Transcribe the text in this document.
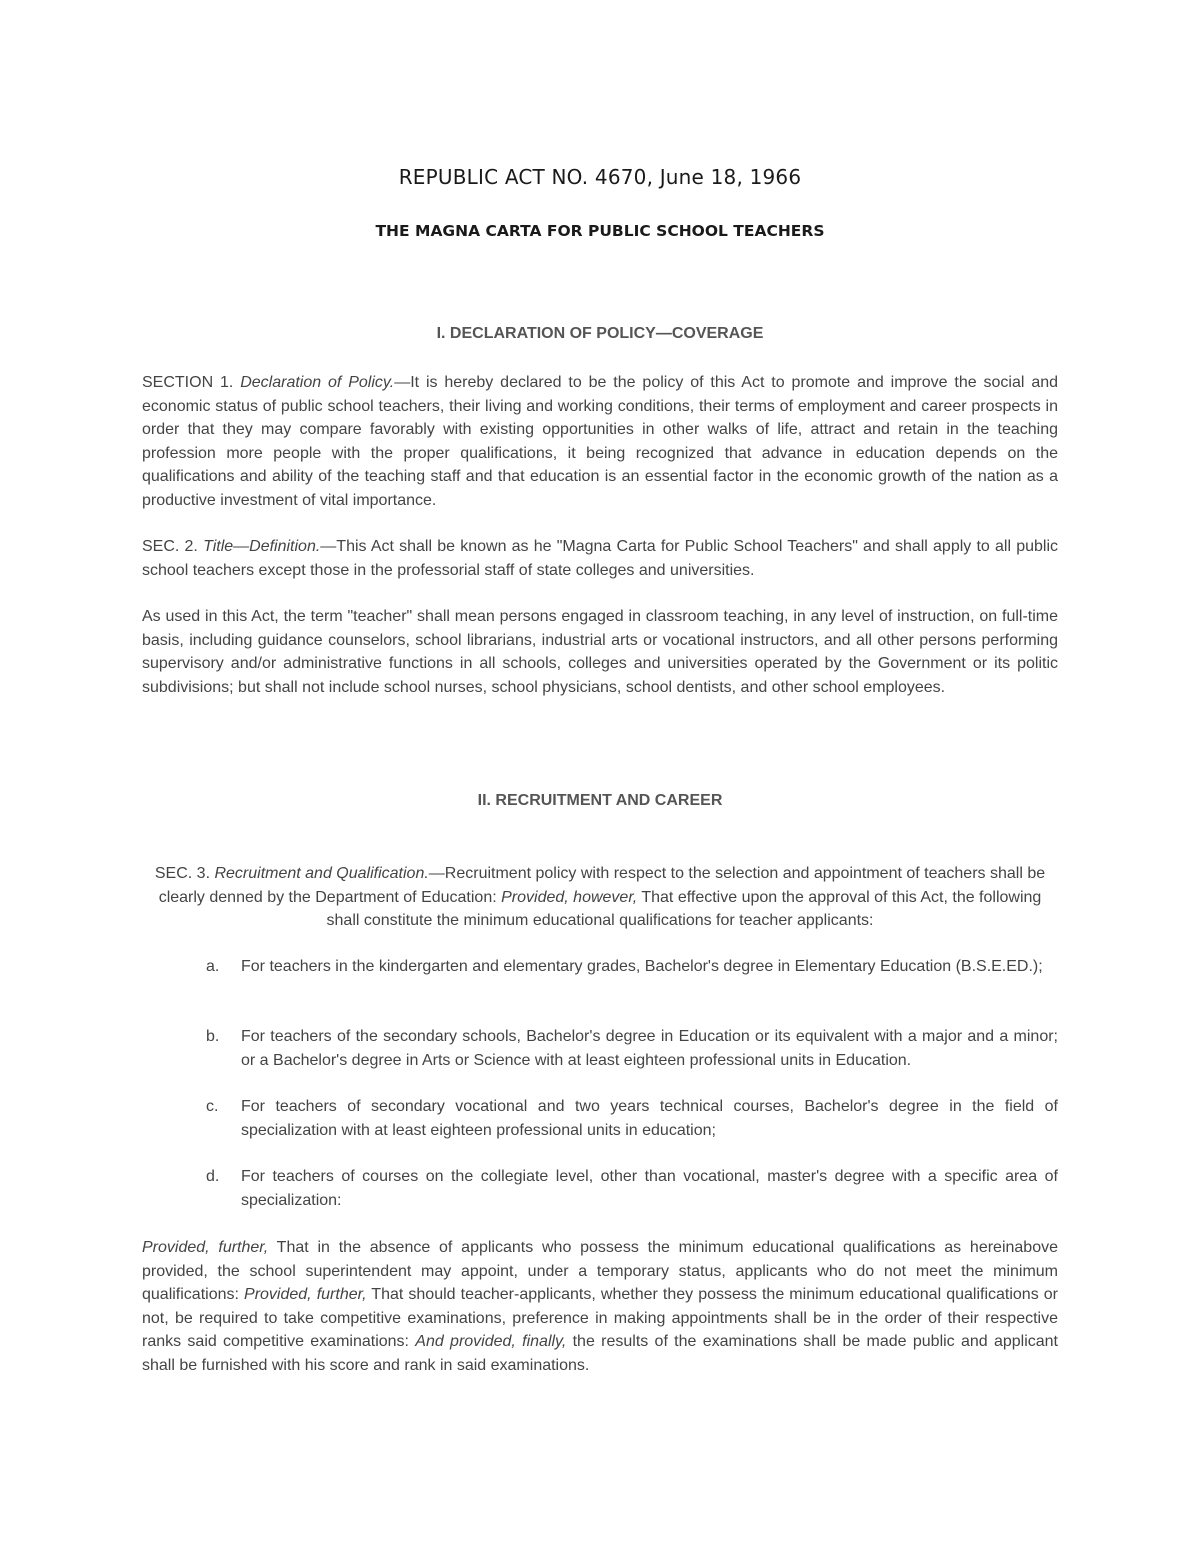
REPUBLIC ACT NO. 4670, June 18, 1966
THE MAGNA CARTA FOR PUBLIC SCHOOL TEACHERS
I. DECLARATION OF POLICY—COVERAGE

SECTION 1. Declaration of Policy.—It is hereby declared to be the policy of this Act to promote and improve the social and economic status of public school teachers, their living and working conditions, their terms of employment and career prospects in order that they may compare favorably with existing opportunities in other walks of life, attract and retain in the teaching profession more people with the proper qualifications, it being recognized that advance in education depends on the qualifications and ability of the teaching staff and that education is an essential factor in the economic growth of the nation as a productive investment of vital importance.

SEC. 2. Title—Definition.—This Act shall be known as he "Magna Carta for Public School Teachers" and shall apply to all public school teachers except those in the professorial staff of state colleges and universities.

As used in this Act, the term "teacher" shall mean persons engaged in classroom teaching, in any level of instruction, on full-time basis, including guidance counselors, school librarians, industrial arts or vocational instructors, and all other persons performing supervisory and/or administrative functions in all schools, colleges and universities operated by the Government or its politic subdivisions; but shall not include school nurses, school physicians, school dentists, and other school employees.

II. RECRUITMENT AND CAREER

SEC. 3. Recruitment and Qualification.—Recruitment policy with respect to the selection and appointment of teachers shall be clearly denned by the Department of Education: Provided, however, That effective upon the approval of this Act, the following shall constitute the minimum educational qualifications for teacher applicants:

a.	For teachers in the kindergarten and elementary grades, Bachelor's degree in Elementary Education (B.S.E.ED.);
b.	For teachers of the secondary schools, Bachelor's degree in Education or its equivalent with a major and a minor; or a Bachelor's degree in Arts or Science with at least eighteen professional units in Education.
c.	For teachers of secondary vocational and two years technical courses, Bachelor's degree in the field of specialization with at least eighteen professional units in education;
d.	For teachers of courses on the collegiate level, other than vocational, master's degree with a specific area of specialization:

Provided, further, That in the absence of applicants who possess the minimum educational qualifications as hereinabove provided, the school superintendent may appoint, under a temporary status, applicants who do not meet the minimum qualifications: Provided, further, That should teacher-applicants, whether they possess the minimum educational qualifications or not, be required to take competitive examinations, preference in making appointments shall be in the order of their respective ranks said competitive examinations: And provided, finally, the results of the examinations shall be made public and applicant shall be furnished with his score and rank in said examinations.
